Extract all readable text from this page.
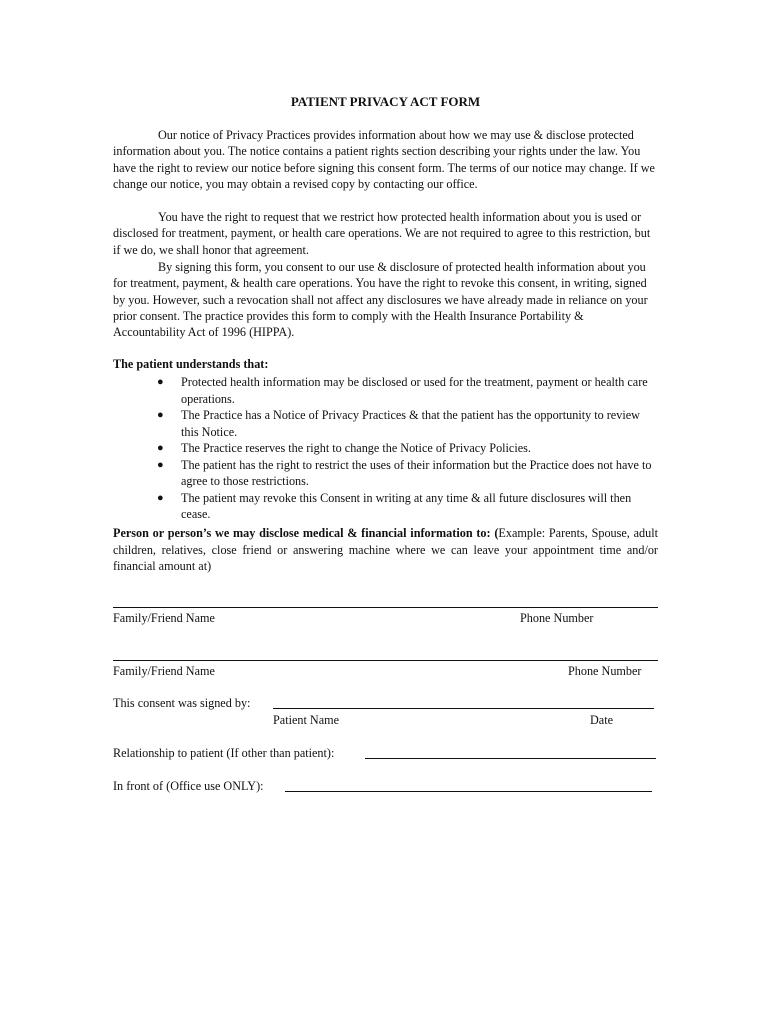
PATIENT PRIVACY ACT FORM

Our notice of Privacy Practices provides information about how we may use & disclose protected information about you. The notice contains a patient rights section describing your rights under the law. You have the right to review our notice before signing this consent form. The terms of our notice may change. If we change our notice, you may obtain a revised copy by contacting our office.

You have the right to request that we restrict how protected health information about you is used or disclosed for treatment, payment, or health care operations. We are not required to agree to this restriction, but if we do, we shall honor that agreement.

By signing this form, you consent to our use & disclosure of protected health information about you for treatment, payment, & health care operations. You have the right to revoke this consent, in writing, signed by you. However, such a revocation shall not affect any disclosures we have already made in reliance on your prior consent. The practice provides this form to comply with the Health Insurance Portability & Accountability Act of 1996 (HIPPA).

The patient understands that:
● Protected health information may be disclosed or used for the treatment, payment or health care operations.
● The Practice has a Notice of Privacy Practices & that the patient has the opportunity to review this Notice.
● The Practice reserves the right to change the Notice of Privacy Policies.
● The patient has the right to restrict the uses of their information but the Practice does not have to agree to those restrictions.
● The patient may revoke this Consent in writing at any time & all future disclosures will then cease.

Person or person’s we may disclose medical & financial information to: (Example: Parents, Spouse, adult children, relatives, close friend or answering machine where we can leave your appointment time and/or financial amount at)

Family/Friend Name	Phone Number
Family/Friend Name	Phone Number
This consent was signed by:
Patient Name	Date
Relationship to patient (If other than patient):
In front of (Office use ONLY):
